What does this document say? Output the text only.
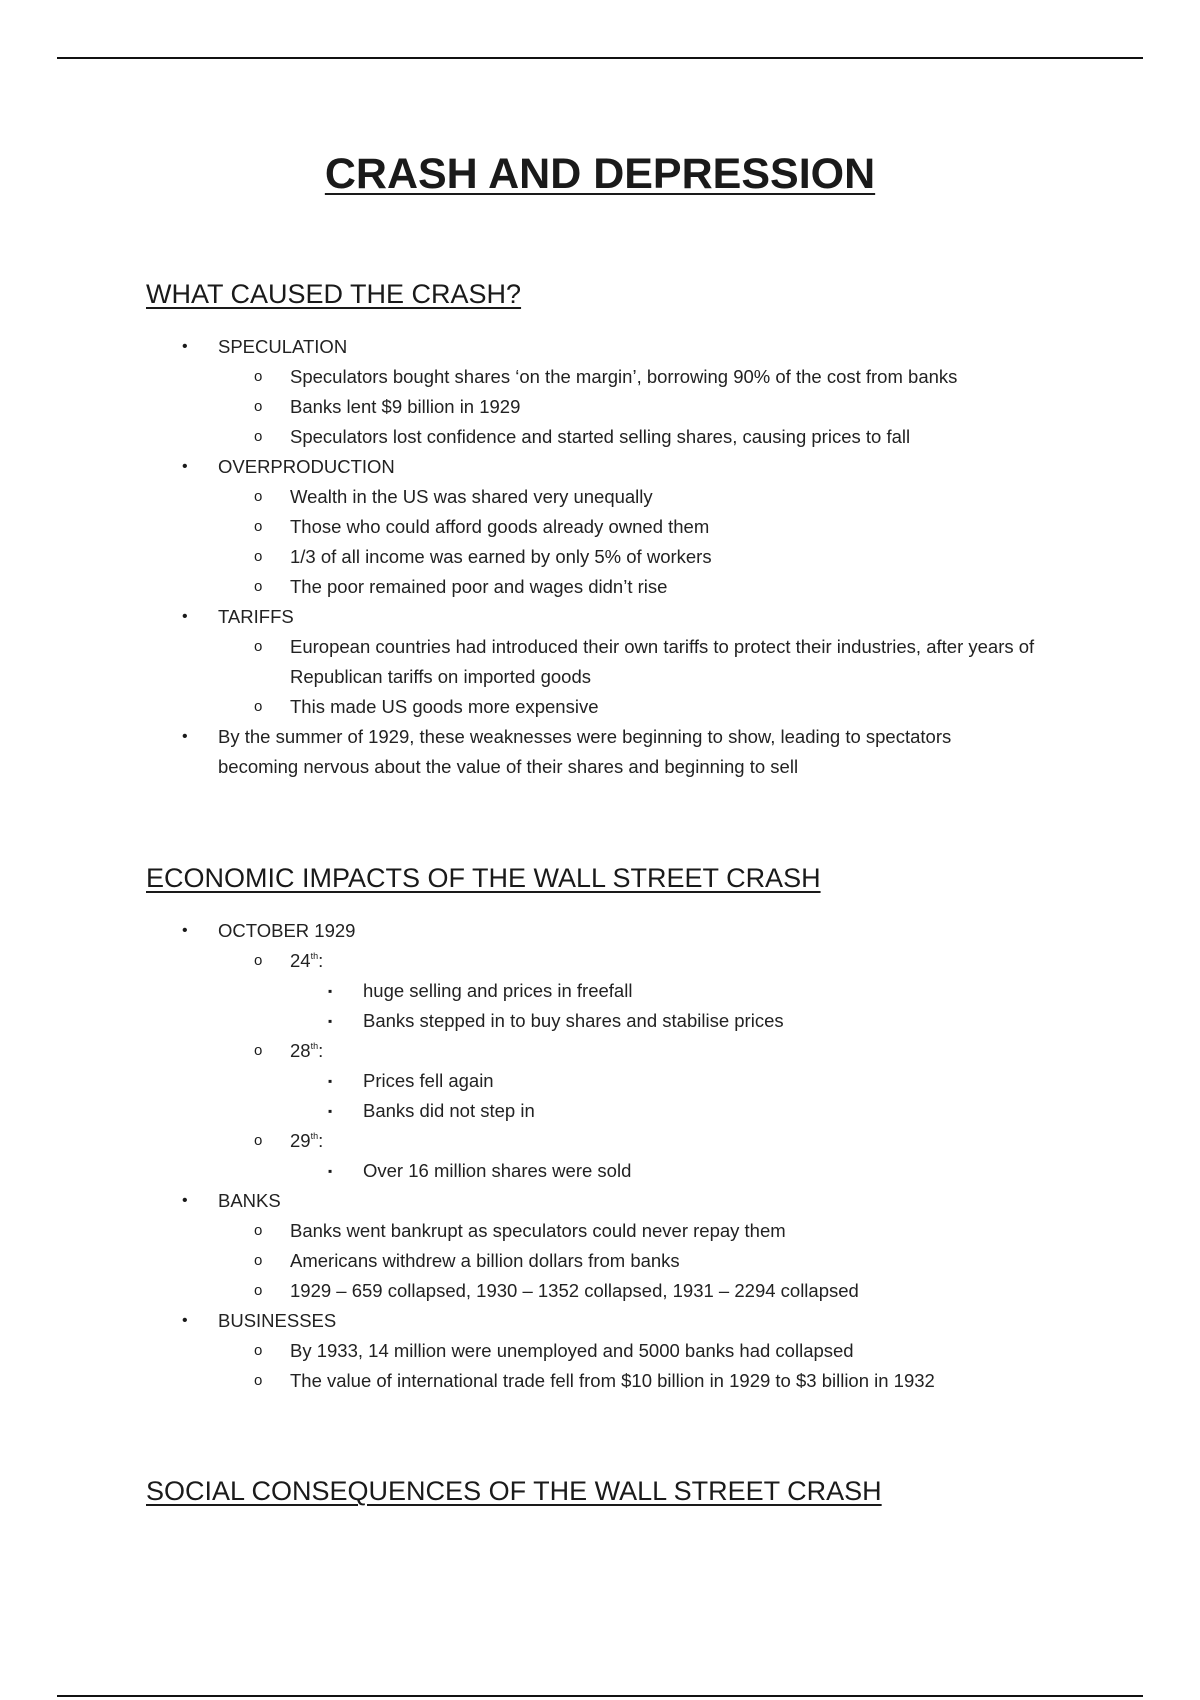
CRASH AND DEPRESSION
WHAT CAUSED THE CRASH?
• SPECULATION
o Speculators bought shares ‘on the margin’, borrowing 90% of the cost from banks
o Banks lent $9 billion in 1929
o Speculators lost confidence and started selling shares, causing prices to fall
• OVERPRODUCTION
o Wealth in the US was shared very unequally
o Those who could afford goods already owned them
o 1/3 of all income was earned by only 5% of workers
o The poor remained poor and wages didn’t rise
• TARIFFS
o European countries had introduced their own tariffs to protect their industries, after years of Republican tariffs on imported goods
o This made US goods more expensive
• By the summer of 1929, these weaknesses were beginning to show, leading to spectators becoming nervous about the value of their shares and beginning to sell
ECONOMIC IMPACTS OF THE WALL STREET CRASH
• OCTOBER 1929
o 24th:
▪ huge selling and prices in freefall
▪ Banks stepped in to buy shares and stabilise prices
o 28th:
▪ Prices fell again
▪ Banks did not step in
o 29th:
▪ Over 16 million shares were sold
• BANKS
o Banks went bankrupt as speculators could never repay them
o Americans withdrew a billion dollars from banks
o 1929 – 659 collapsed, 1930 – 1352 collapsed, 1931 – 2294 collapsed
• BUSINESSES
o By 1933, 14 million were unemployed and 5000 banks had collapsed
o The value of international trade fell from $10 billion in 1929 to $3 billion in 1932
SOCIAL CONSEQUENCES OF THE WALL STREET CRASH
